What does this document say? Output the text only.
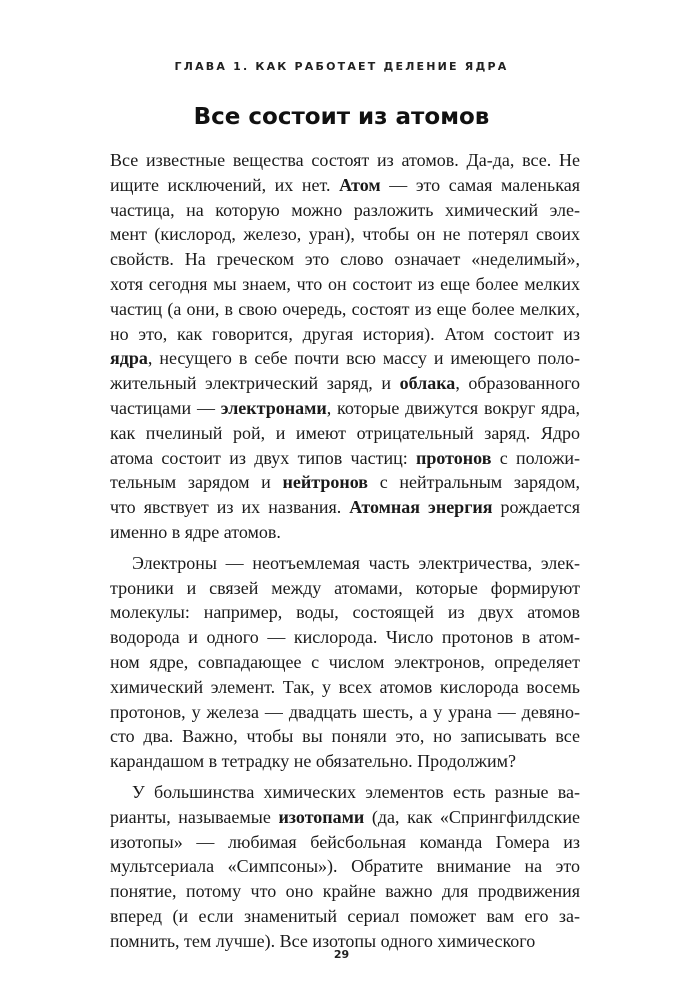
ГЛАВА 1. КАК РАБОТАЕТ ДЕЛЕНИЕ ЯДРА
Все состоит из атомов
Все известные вещества состоят из атомов. Да-да, все. Не
ищите исключений, их нет. Атом — это самая маленькая
частица, на которую можно разложить химический эле-
мент (кислород, железо, уран), чтобы он не потерял своих
свойств. На греческом это слово означает «неделимый»,
хотя сегодня мы знаем, что он состоит из еще более мелких
частиц (а они, в свою очередь, состоят из еще более мелких,
но это, как говорится, другая история). Атом состоит из
ядра, несущего в себе почти всю массу и имеющего поло-
жительный электрический заряд, и облака, образованного
частицами — электронами, которые движутся вокруг ядра,
как пчелиный рой, и имеют отрицательный заряд. Ядро
атома состоит из двух типов частиц: протонов с положи-
тельным зарядом и нейтронов с нейтральным зарядом,
что явствует из их названия. Атомная энергия рождается
именно в ядре атомов.
Электроны — неотъемлемая часть электричества, элек-
троники и связей между атомами, которые формируют
молекулы: например, воды, состоящей из двух атомов
водорода и одного — кислорода. Число протонов в атом-
ном ядре, совпадающее с числом электронов, определяет
химический элемент. Так, у всех атомов кислорода восемь
протонов, у железа — двадцать шесть, а у урана — девяно-
сто два. Важно, чтобы вы поняли это, но записывать все
карандашом в тетрадку не обязательно. Продолжим?
У большинства химических элементов есть разные ва-
рианты, называемые изотопами (да, как «Спрингфилдские
изотопы» — любимая бейсбольная команда Гомера из
мультсериала «Симпсоны»). Обратите внимание на это
понятие, потому что оно крайне важно для продвижения
вперед (и если знаменитый сериал поможет вам его за-
помнить, тем лучше). Все изотопы одного химического
29
